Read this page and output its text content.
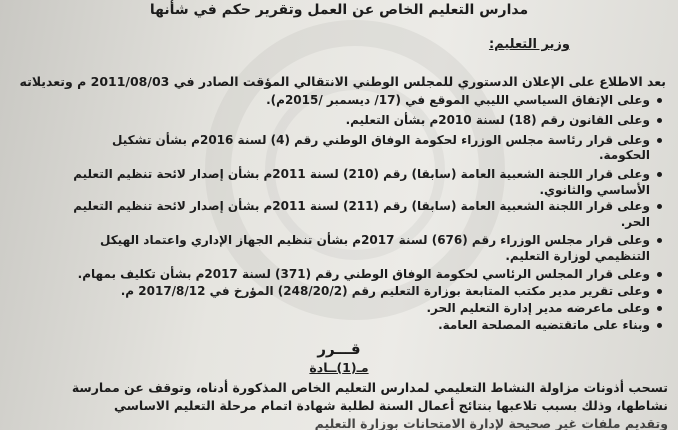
مدارس التعليم الخاص عن العمل وتقرير حكم في شأنها
وزير التعليم:
بعد الاطلاع على الإعلان الدستوري للمجلس الوطني الانتقالي المؤقت الصادر في 2011/08/03 م وتعديلاته
وعلى الإتفاق السياسي الليبي الموقع في (17/ ديسمبر /2015م).
وعلى القانون رقم (18) لسنة 2010م بشأن التعليم.
وعلى قرار رئاسة مجلس الوزراء لحكومة الوفاق الوطني رقم (4) لسنة 2016م بشأن تشكيل
الحكومة.
وعلى قرار اللجنة الشعبية العامة (سابقا) رقم (210) لسنة 2011م بشأن إصدار لائحة تنظيم التعليم
الأساسي والثانوي.
وعلى قرار اللجنة الشعبية العامة (سابقا) رقم (211) لسنة 2011م بشأن إصدار لائحة تنظيم التعليم
الحر.
وعلى قرار مجلس الوزراء رقم (676) لسنة 2017م بشأن تنظيم الجهاز الإداري واعتماد الهيكل
التنظيمي لوزارة التعليم.
وعلى قرار المجلس الرئاسي لحكومة الوفاق الوطني رقم (371) لسنة 2017م بشأن تكليف بمهام.
وعلى تقرير مدير مكتب المتابعة بوزارة التعليم رقم (248/20/2) المؤرخ في 2017/8/12 م.
وعلى ماعرضه مدير إدارة التعليم الحر.
وبناء على ماتقتضيه المصلحة العامة.
قـــرر
مـ(1)ــادة
تسحب أذونات مزاولة النشاط التعليمي لمدارس التعليم الخاص المذكورة أدناه، وتوقف عن ممارسة
نشاطها، وذلك بسبب تلاعبها بنتائج أعمال السنة لطلبة شهادة اتمام مرحلة التعليم الاساسي
وتقديم ملفات غير صحيحة لإدارة الامتحانات بوزارة التعليم
